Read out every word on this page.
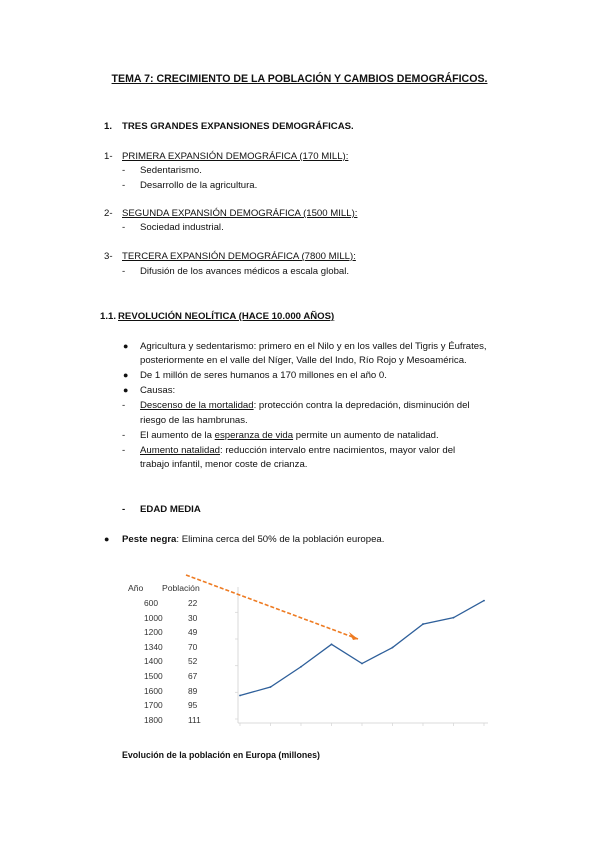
TEMA 7: CRECIMIENTO DE LA POBLACIÓN Y CAMBIOS DEMOGRÁFICOS.
1. TRES GRANDES EXPANSIONES DEMOGRÁFICAS.
1- PRIMERA EXPANSIÓN DEMOGRÁFICA (170 MILL):
- Sedentarismo.
- Desarrollo de la agricultura.
2- SEGUNDA EXPANSIÓN DEMOGRÁFICA (1500 MILL):
- Sociedad industrial.
3- TERCERA EXPANSIÓN DEMOGRÁFICA (7800 MILL):
- Difusión de los avances médicos a escala global.
1.1. REVOLUCIÓN NEOLÍTICA (HACE 10.000 AÑOS)
● Agricultura y sedentarismo: primero en el Nilo y en los valles del Tigris y Éufrates,
posteriormente en el valle del Níger, Valle del Indo, Río Rojo y Mesoamérica.
● De 1 millón de seres humanos a 170 millones en el año 0.
● Causas:
- Descenso de la mortalidad: protección contra la depredación, disminución del
riesgo de las hambrunas.
- El aumento de la esperanza de vida permite un aumento de natalidad.
- Aumento natalidad: reducción intervalo entre nacimientos, mayor valor del
trabajo infantil, menor coste de crianza.
- EDAD MEDIA
● Peste negra: Elimina cerca del 50% de la población europea.
Año Población
600	22
1000	30
1200	49
1340	70
1400	52
1500	67
1600	89
1700	95
1800	111
Evolución de la población en Europa (millones)
